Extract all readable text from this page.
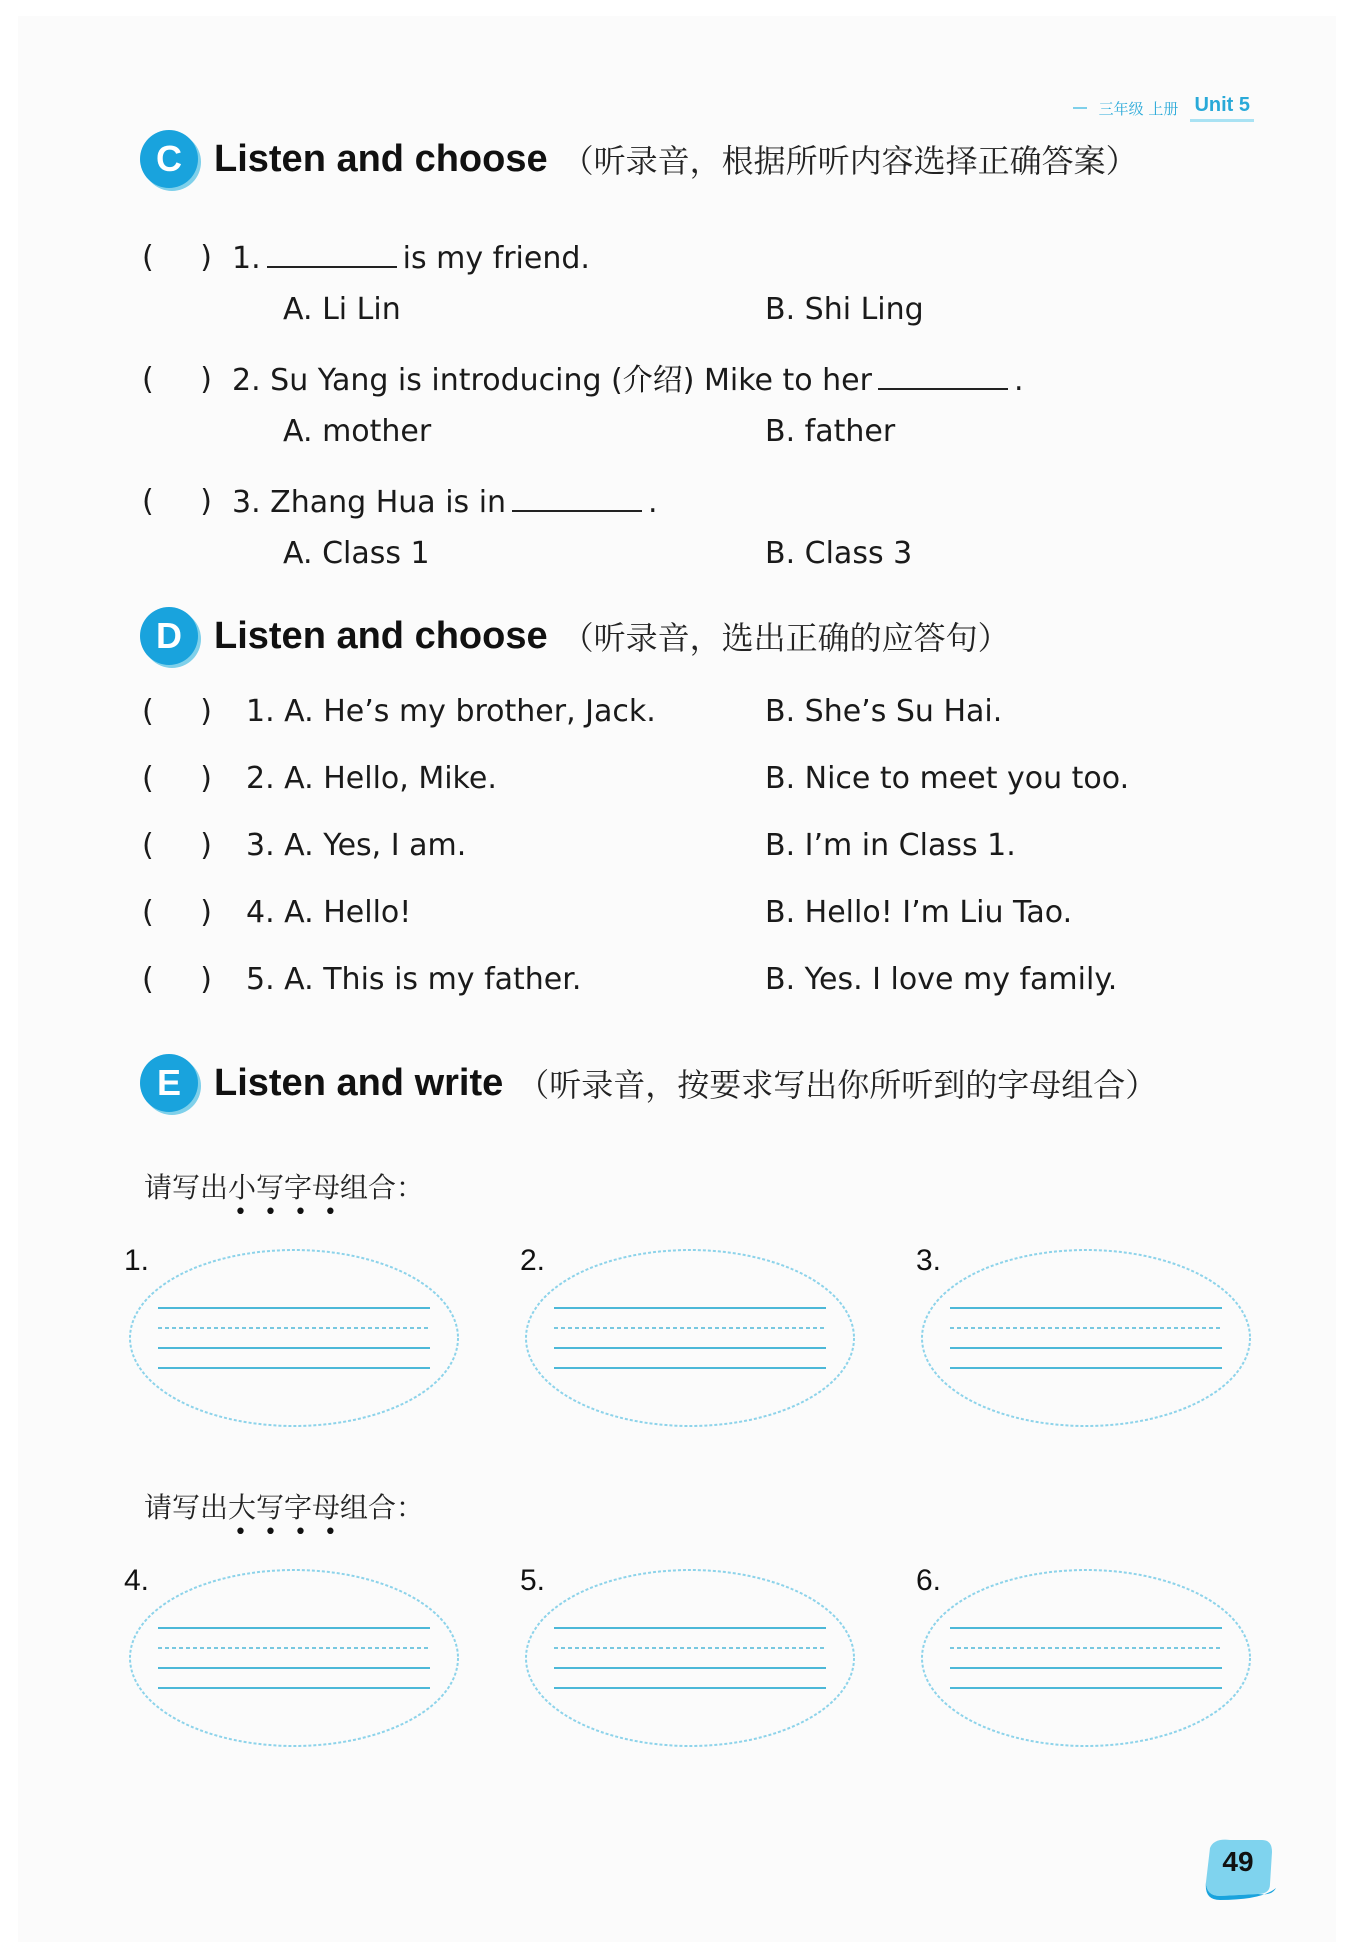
三年级 上册 Unit 5
C Listen and choose （听录音，根据所听内容选择正确答案）
( ) 1.	is my friend.
A. Li Lin	B. Shi Ling
( ) 2. Su Yang is introducing (介绍) Mike to her	.
A. mother	B. father
( ) 3. Zhang Hua is in	.
A. Class 1	B. Class 3
D Listen and choose （听录音，选出正确的应答句）
( ) 1. A. He’s my brother, Jack.	B. She’s Su Hai.
( ) 2. A. Hello, Mike.	B. Nice to meet you too.
( ) 3. A. Yes, I am.	B. I’m in Class 1.
( ) 4. A. Hello!	B. Hello! I’m Liu Tao.
( ) 5. A. This is my father.	B. Yes. I love my family.
E Listen and write （听录音，按要求写出你所听到的字母组合）
请写出小写字母组合：
••••
1.	2.	3.
请写出大写字母组合：
••••
4.	5.	6.
49
